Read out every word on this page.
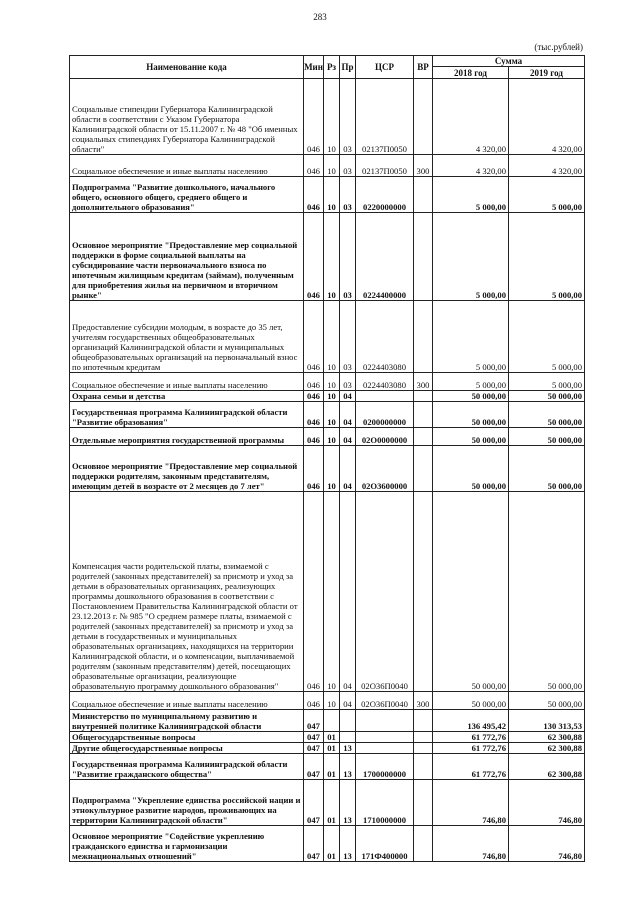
283
(тыс.рублей)
Наименование кода	Мин	Рз	Пр	ЦСР	ВР	Сумма	
						2018 год	2019 год
Социальные стипендии Губернатора Калининградской области в соответствии с Указом Губернатора Калининградской области от 15.11.2007 г. № 48 "Об именных социальных стипендиях Губернатора Калининградской области"	046	10	03	02137П0050		4 320,00	4 320,00
Социальное обеспечение и иные выплаты населению	046	10	03	02137П0050	300	4 320,00	4 320,00
Подпрограмма "Развитие дошкольного, начального общего, основного общего, среднего общего и дополнительного образования"	046	10	03	0220000000		5 000,00	5 000,00
Основное мероприятие "Предоставление мер социальной поддержки в форме социальной выплаты на субсидирование части первоначального взноса по ипотечным жилищным кредитам (займам), полученным для приобретения жилья на первичном и вторичном рынке"	046	10	03	0224400000		5 000,00	5 000,00
Предоставление субсидии молодым, в возрасте до 35 лет, учителям государственных общеобразовательных организаций Калининградской области и муниципальных общеобразовательных организаций на первоначальный взнос по ипотечным кредитам	046	10	03	0224403080		5 000,00	5 000,00
Социальное обеспечение и иные выплаты населению	046	10	03	0224403080	300	5 000,00	5 000,00
Охрана семьи и детства	046	10	04			50 000,00	50 000,00
Государственная программа Калининградской области "Развитие образования"	046	10	04	0200000000		50 000,00	50 000,00
Отдельные мероприятия государственной программы	046	10	04	02О0000000		50 000,00	50 000,00
Основное мероприятие "Предоставление мер социальной поддержки родителям, законным представителям, имеющим детей в возрасте от 2 месяцев до 7 лет"	046	10	04	02О3600000		50 000,00	50 000,00
Компенсация части родительской платы, взимаемой с родителей (законных представителей) за присмотр и уход за детьми в образовательных организациях, реализующих программы дошкольного образования в соответствии с Постановлением Правительства Калининградской области от 23.12.2013 г. № 985 "О среднем размере платы, взимаемой с родителей (законных представителей) за присмотр и уход за детьми в государственных и муниципальных образовательных организациях, находящихся на территории Калининградской области, и о компенсации, выплачиваемой родителям (законным представителям) детей, посещающих образовательные организации, реализующие образовательную программу дошкольного образования"	046	10	04	02О36П0040		50 000,00	50 000,00
Социальное обеспечение и иные выплаты населению	046	10	04	02О36П0040	300	50 000,00	50 000,00
Министерство по муниципальному развитию и внутренней политике Калининградской области	047					136 495,42	130 313,53
Общегосударственные вопросы	047	01				61 772,76	62 300,88
Другие общегосударственные вопросы	047	01	13			61 772,76	62 300,88
Государственная программа Калининградской области "Развитие гражданского общества"	047	01	13	1700000000		61 772,76	62 300,88
Подпрограмма "Укрепление единства российской нации и этнокультурное развитие народов, проживающих на территории Калининградской области"	047	01	13	1710000000		746,80	746,80
Основное мероприятие "Содействие укреплению гражданского единства и гармонизации межнациональных отношений"	047	01	13	171Ф400000		746,80	746,80
